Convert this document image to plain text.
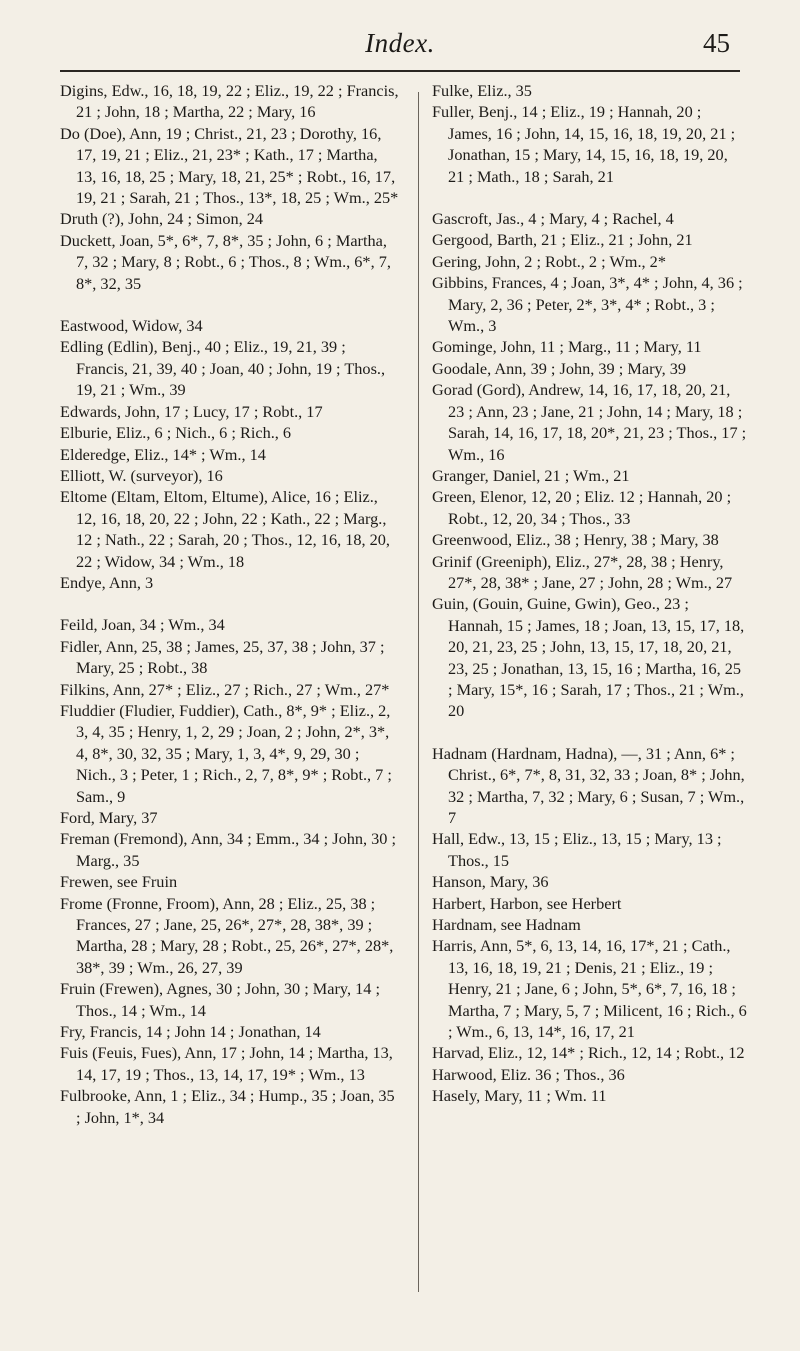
Index.	45
Digins, Edw., 16, 18, 19, 22 ; Eliz., 19, 22 ; Francis, 21 ; John, 18 ; Martha, 22 ; Mary, 16
Do (Doe), Ann, 19 ; Christ., 21, 23 ; Dorothy, 16, 17, 19, 21 ; Eliz., 21, 23* ; Kath., 17 ; Martha, 13, 16, 18, 25 ; Mary, 18, 21, 25* ; Robt., 16, 17, 19, 21 ; Sarah, 21 ; Thos., 13*, 18, 25 ; Wm., 25*
Druth (?), John, 24 ; Simon, 24
Duckett, Joan, 5*, 6*, 7, 8*, 35 ; John, 6 ; Martha, 7, 32 ; Mary, 8 ; Robt., 6 ; Thos., 8 ; Wm., 6*, 7, 8*, 32, 35
Eastwood, Widow, 34
Edling (Edlin), Benj., 40 ; Eliz., 19, 21, 39 ; Francis, 21, 39, 40 ; Joan, 40 ; John, 19 ; Thos., 19, 21 ; Wm., 39
Edwards, John, 17 ; Lucy, 17 ; Robt., 17
Elburie, Eliz., 6 ; Nich., 6 ; Rich., 6
Elderedge, Eliz., 14* ; Wm., 14
Elliott, W. (surveyor), 16
Eltome (Eltam, Eltom, Eltume), Alice, 16 ; Eliz., 12, 16, 18, 20, 22 ; John, 22 ; Kath., 22 ; Marg., 12 ; Nath., 22 ; Sarah, 20 ; Thos., 12, 16, 18, 20, 22 ; Widow, 34 ; Wm., 18
Endye, Ann, 3
Feild, Joan, 34 ; Wm., 34
Fidler, Ann, 25, 38 ; James, 25, 37, 38 ; John, 37 ; Mary, 25 ; Robt., 38
Filkins, Ann, 27* ; Eliz., 27 ; Rich., 27 ; Wm., 27*
Fluddier (Fludier, Fuddier), Cath., 8*, 9* ; Eliz., 2, 3, 4, 35 ; Henry, 1, 2, 29 ; Joan, 2 ; John, 2*, 3*, 4, 8*, 30, 32, 35 ; Mary, 1, 3, 4*, 9, 29, 30 ; Nich., 3 ; Peter, 1 ; Rich., 2, 7, 8*, 9* ; Robt., 7 ; Sam., 9
Ford, Mary, 37
Freman (Fremond), Ann, 34 ; Emm., 34 ; John, 30 ; Marg., 35
Frewen, see Fruin
Frome (Fronne, Froom), Ann, 28 ; Eliz., 25, 38 ; Frances, 27 ; Jane, 25, 26*, 27*, 28, 38*, 39 ; Martha, 28 ; Mary, 28 ; Robt., 25, 26*, 27*, 28*, 38*, 39 ; Wm., 26, 27, 39
Fruin (Frewen), Agnes, 30 ; John, 30 ; Mary, 14 ; Thos., 14 ; Wm., 14
Fry, Francis, 14 ; John 14 ; Jonathan, 14
Fuis (Feuis, Fues), Ann, 17 ; John, 14 ; Martha, 13, 14, 17, 19 ; Thos., 13, 14, 17, 19* ; Wm., 13
Fulbrooke, Ann, 1 ; Eliz., 34 ; Hump., 35 ; Joan, 35 ; John, 1*, 34
Fulke, Eliz., 35
Fuller, Benj., 14 ; Eliz., 19 ; Hannah, 20 ; James, 16 ; John, 14, 15, 16, 18, 19, 20, 21 ; Jonathan, 15 ; Mary, 14, 15, 16, 18, 19, 20, 21 ; Math., 18 ; Sarah, 21
Gascroft, Jas., 4 ; Mary, 4 ; Rachel, 4
Gergood, Barth, 21 ; Eliz., 21 ; John, 21
Gering, John, 2 ; Robt., 2 ; Wm., 2*
Gibbins, Frances, 4 ; Joan, 3*, 4* ; John, 4, 36 ; Mary, 2, 36 ; Peter, 2*, 3*, 4* ; Robt., 3 ; Wm., 3
Gominge, John, 11 ; Marg., 11 ; Mary, 11
Goodale, Ann, 39 ; John, 39 ; Mary, 39
Gorad (Gord), Andrew, 14, 16, 17, 18, 20, 21, 23 ; Ann, 23 ; Jane, 21 ; John, 14 ; Mary, 18 ; Sarah, 14, 16, 17, 18, 20*, 21, 23 ; Thos., 17 ; Wm., 16
Granger, Daniel, 21 ; Wm., 21
Green, Elenor, 12, 20 ; Eliz. 12 ; Hannah, 20 ; Robt., 12, 20, 34 ; Thos., 33
Greenwood, Eliz., 38 ; Henry, 38 ; Mary, 38
Grinif (Greeniph), Eliz., 27*, 28, 38 ; Henry, 27*, 28, 38* ; Jane, 27 ; John, 28 ; Wm., 27
Guin, (Gouin, Guine, Gwin), Geo., 23 ; Hannah, 15 ; James, 18 ; Joan, 13, 15, 17, 18, 20, 21, 23, 25 ; John, 13, 15, 17, 18, 20, 21, 23, 25 ; Jonathan, 13, 15, 16 ; Martha, 16, 25 ; Mary, 15*, 16 ; Sarah, 17 ; Thos., 21 ; Wm., 20
Hadnam (Hardnam, Hadna), —, 31 ; Ann, 6* ; Christ., 6*, 7*, 8, 31, 32, 33 ; Joan, 8* ; John, 32 ; Martha, 7, 32 ; Mary, 6 ; Susan, 7 ; Wm., 7
Hall, Edw., 13, 15 ; Eliz., 13, 15 ; Mary, 13 ; Thos., 15
Hanson, Mary, 36
Harbert, Harbon, see Herbert
Hardnam, see Hadnam
Harris, Ann, 5*, 6, 13, 14, 16, 17*, 21 ; Cath., 13, 16, 18, 19, 21 ; Denis, 21 ; Eliz., 19 ; Henry, 21 ; Jane, 6 ; John, 5*, 6*, 7, 16, 18 ; Martha, 7 ; Mary, 5, 7 ; Milicent, 16 ; Rich., 6 ; Wm., 6, 13, 14*, 16, 17, 21
Harvad, Eliz., 12, 14* ; Rich., 12, 14 ; Robt., 12
Harwood, Eliz. 36 ; Thos., 36
Hasely, Mary, 11 ; Wm. 11
